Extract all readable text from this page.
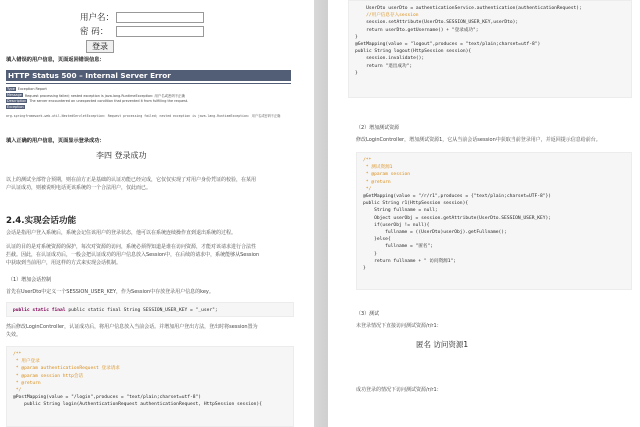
用户名：
密 码：
登录
填入错误的用户信息，页面返回错误信息：
HTTP Status 500 – Internal Server Error
Type Exception Report
Message Request processing failed; nested exception is java.lang.RuntimeException: 用户名或密码不正确
Description The server encountered an unexpected condition that prevented it from fulfilling the request.
Exception
org.springframework.web.util.NestedServletException: Request processing failed; nested exception is java.lang.RuntimeException: 用户名或密码不正确
填入正确的用户信息，页面显示登录成功：
李四 登录成功
以上的测试全部符合预期，则在前方正是基础的认证功能已经完成，它仅仅实现了对用户身份凭证的校验，在某用
户认证成功，则被说明电话更该系统的一个合法用户，仅此而已。
2.4.实现会话功能
会话是指用户登入系统后，系统会记住该用户的登录状态，他可以在系统连续操作直到退出系统的过程。
认证的目的是对系统资源的保护，每次对资源的访问，系统必须得知道是谁在访问资源，才能对该请求进行合法性
拦截。因此，在认证成功后，一般会把认证成功的用户信息放入Session中，在后续的请求中，系统能够从Session
中获取到当前用户，用这样的方式来实现会话机制。
（1）增加会话控制
首先在UserDto中定义一个SESSION_USER_KEY，作为Session中存放登录用户信息的key。
public static final public static final String SESSION_USER_KEY = "_user";
然后修改LoginController，认证成功后，将用户信息放入当前会话。并增加用户登出方法，登出时将session置为
失效。
/**
* 用户登录
* @param authenticationRequest 登录请求
* @param session http会话
* @return
*/
@PostMapping(value = "/login",produces = "text/plain;charset=utf-8")
public String login(AuthenticationRequest authenticationRequest, HttpSession session){
UserDto userDto = authenticationService.authentication(authenticationRequest);
//用户信息存入session
session.setAttribute(UserDto.SESSION_USER_KEY,userDto);
return userDto.getUsername() + "登录成功";
}
@GetMapping(value = "logout",produces = "text/plain;charset=utf-8")
public String logout(HttpSession session){
session.invalidate();
return "退出成功";
}
（2）增加测试资源
修改LoginController，增加测试资源1，它从当前会话session中获取当前登录用户，并返回提示信息给前台。
/**
* 测试资源1
* @param session
* @return
*/
@GetMapping(value = "/r/r1",produces = {"text/plain;charset=UTF-8"})
public String r1(HttpSession session){
String fullname = null;
Object userObj = session.getAttribute(UserDto.SESSION_USER_KEY);
if(userObj != null){
fullname = ((UserDto)userObj).getFullname();
}else{
fullname = "匿名";
}
return fullname + " 访问资源1";
}
（3）测试
未登录情况下直接访问测试资源/r/r1：
匿名 访问资源1
成功登录的情况下访问测试资源/r/r1：
